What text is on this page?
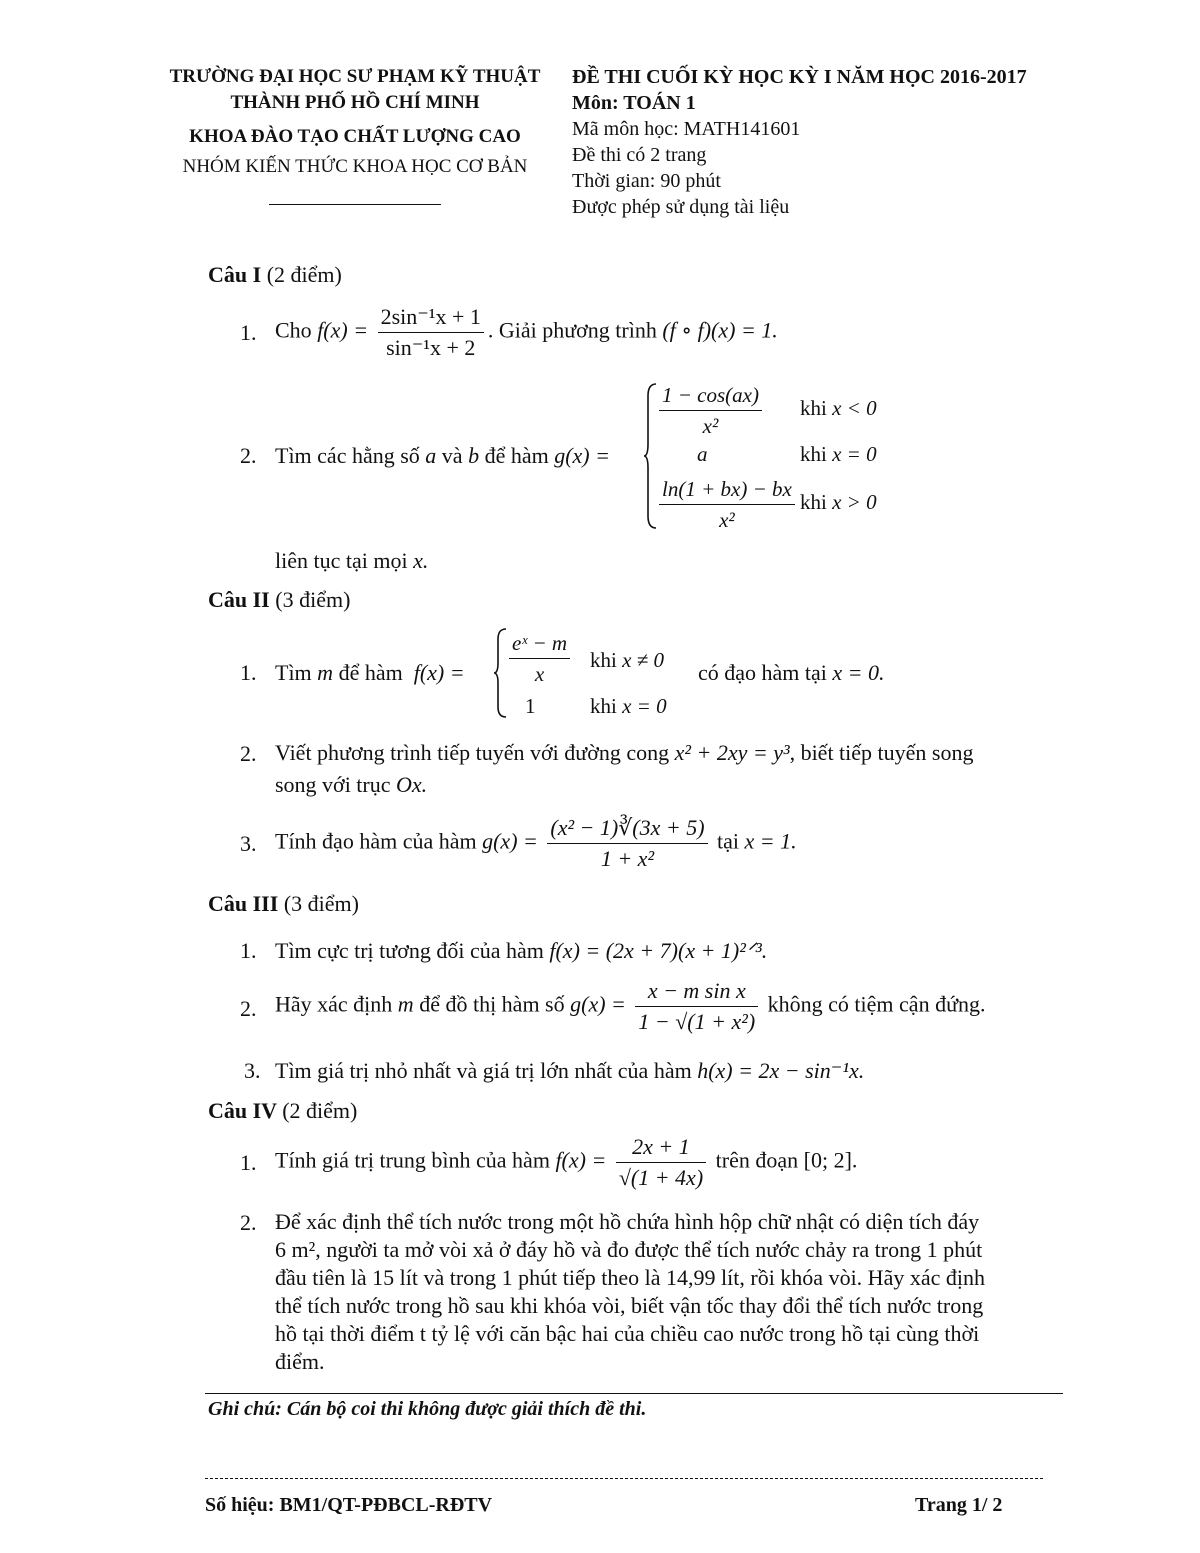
TRƯỜNG ĐẠI HỌC SƯ PHẠM KỸ THUẬT
THÀNH PHỐ HỒ CHÍ MINH
KHOA ĐÀO TẠO CHẤT LƯỢNG CAO
NHÓM KIẾN THỨC KHOA HỌC CƠ BẢN
ĐỀ THI CUỐI KỲ HỌC KỲ I NĂM HỌC 2016-2017
Môn: TOÁN 1
Mã môn học: MATH141601
Đề thi có 2 trang
Thời gian: 90 phút
Được phép sử dụng tài liệu
Câu I (2 điểm)
1. Cho $f(x) = \frac{\text{2sin⁻¹x + 1}}{\text{sin⁻¹x + 2}}$ . Giải phương trình (f ∘ f)(x) = 1.
2. Tìm các hằng số a và b để hàm g(x) =
$\frac{1 - \cos(ax)}{\text{x²}}$ khi x < 0
a	khi x = 0
$\frac{\ln(1 + bx) - bx}{\text{x²}}$ khi x > 0
liên tục tại mọi x.
Câu II (3 điểm)
1. Tìm m để hàm $f(x) = \frac{\text{eˣ − m}}{x}$ khi x ≠ 0
1	khi x = 0
có đạo hàm tại x = 0.
2. Viết phương trình tiếp tuyến với đường cong x² + 2xy = y³, biết tiếp tuyến song
song với trục Ox.
3. Tính đạo hàm của hàm $g(x) = \frac{\text{(x² − 1)∛(3x + 5)}}{\text{1 + x²}}$ tại x = 1.
Câu III (3 điểm)
1. Tìm cực trị tương đối của hàm f(x) = (2x + 7)(x + 1)²ᐟ³.
2. Hãy xác định m để đồ thị hàm số $g(x) = \frac{\text{x − m sin x}}{\text{1 − √(1 + x²)}}$ không có tiệm cận đứng.
3. Tìm giá trị nhỏ nhất và giá trị lớn nhất của hàm h(x) = 2x − sin⁻¹x.
Câu IV (2 điểm)
1. Tính giá trị trung bình của hàm $f(x) = \frac{2x + 1}{√(1 + 4x)}$ trên đoạn [0; 2].
2. Để xác định thể tích nước trong một hồ chứa hình hộp chữ nhật có diện tích đáy
6 m², người ta mở vòi xả ở đáy hồ và đo được thể tích nước chảy ra trong 1 phút
đầu tiên là 15 lít và trong 1 phút tiếp theo là 14,99 lít, rồi khóa vòi. Hãy xác định
thể tích nước trong hồ sau khi khóa vòi, biết vận tốc thay đổi thể tích nước trong
hồ tại thời điểm t tỷ lệ với căn bậc hai của chiều cao nước trong hồ tại cùng thời
điểm.
Ghi chú: Cán bộ coi thi không được giải thích đề thi.
Số hiệu: BM1/QT-PĐBCL-RĐTV	Trang 1/ 2
